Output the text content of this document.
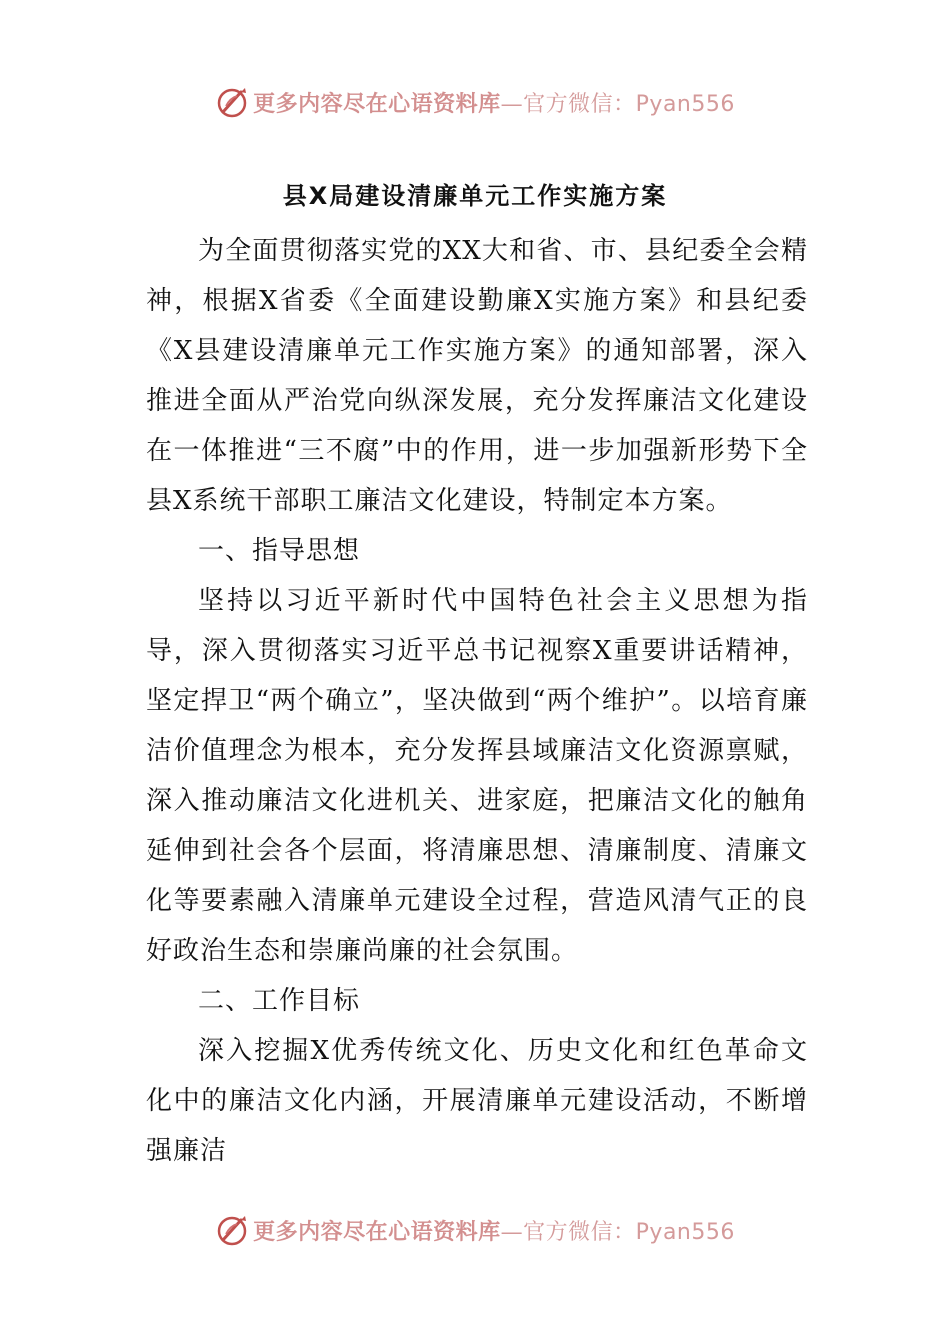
更多内容尽在心语资料库—官方微信：Pyan556
县X局建设清廉单元工作实施方案

为全面贯彻落实党的XX大和省、市、县纪委全会精神，根据X省委《全面建设勤廉X实施方案》和县纪委《X县建设清廉单元工作实施方案》的通知部署，深入推进全面从严治党向纵深发展，充分发挥廉洁文化建设在一体推进“三不腐”中的作用，进一步加强新形势下全县X系统干部职工廉洁文化建设，特制定本方案。

一、指导思想

坚持以习近平新时代中国特色社会主义思想为指导，深入贯彻落实习近平总书记视察X重要讲话精神，坚定捍卫“两个确立”，坚决做到“两个维护”。以培育廉洁价值理念为根本，充分发挥县域廉洁文化资源禀赋，深入推动廉洁文化进机关、进家庭，把廉洁文化的触角延伸到社会各个层面，将清廉思想、清廉制度、清廉文化等要素融入清廉单元建设全过程，营造风清气正的良好政治生态和崇廉尚廉的社会氛围。

二、工作目标

深入挖掘X优秀传统文化、历史文化和红色革命文化中的廉洁文化内涵，开展清廉单元建设活动，不断增强廉洁

更多内容尽在心语资料库—官方微信：Pyan556
